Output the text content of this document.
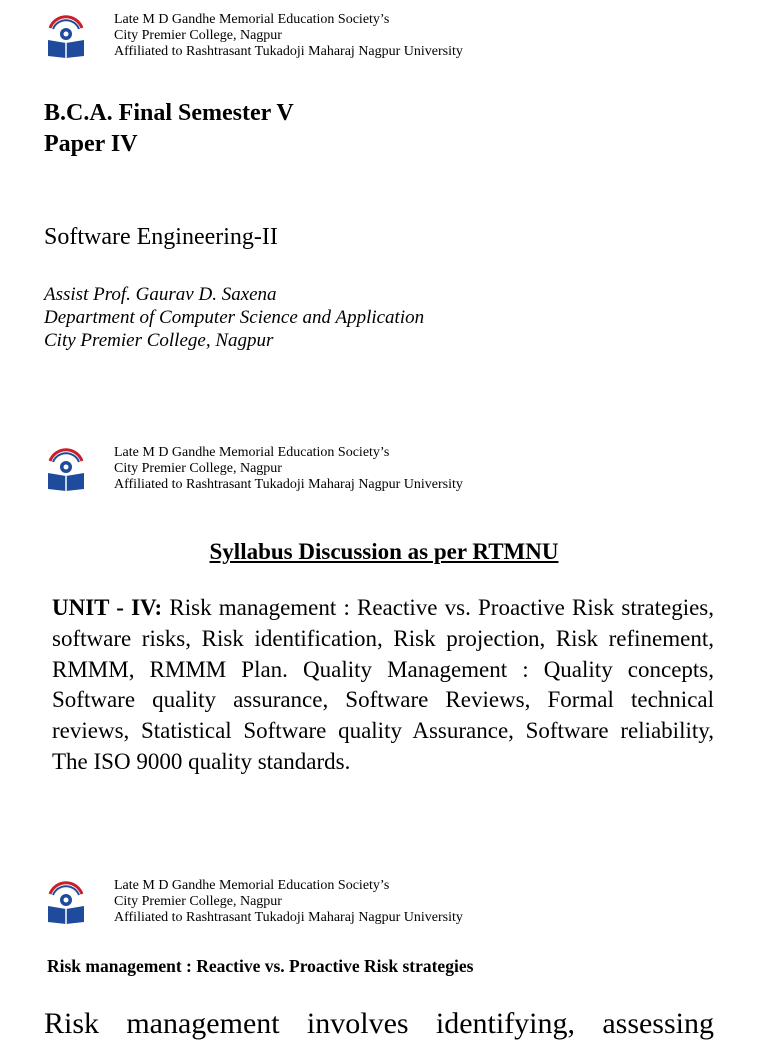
Late M D Gandhe Memorial Education Society’s
City Premier College, Nagpur
Affiliated to Rashtrasant Tukadoji Maharaj Nagpur University
B.C.A. Final Semester V
Paper IV
Software Engineering-II
Assist Prof. Gaurav D. Saxena
Department of Computer Science and Application
City Premier College, Nagpur
Late M D Gandhe Memorial Education Society’s
City Premier College, Nagpur
Affiliated to Rashtrasant Tukadoji Maharaj Nagpur University
Syllabus Discussion as per RTMNU

UNIT - IV: Risk management : Reactive vs. Proactive Risk strategies, software risks, Risk identification, Risk projection, Risk refinement, RMMM, RMMM Plan. Quality Management : Quality concepts, Software quality assurance, Software Reviews, Formal technical reviews, Statistical Software quality Assurance, Software reliability, The ISO 9000 quality standards.

Late M D Gandhe Memorial Education Society’s
City Premier College, Nagpur
Affiliated to Rashtrasant Tukadoji Maharaj Nagpur University
Risk management : Reactive vs. Proactive Risk strategies

Risk management involves identifying, assessing
